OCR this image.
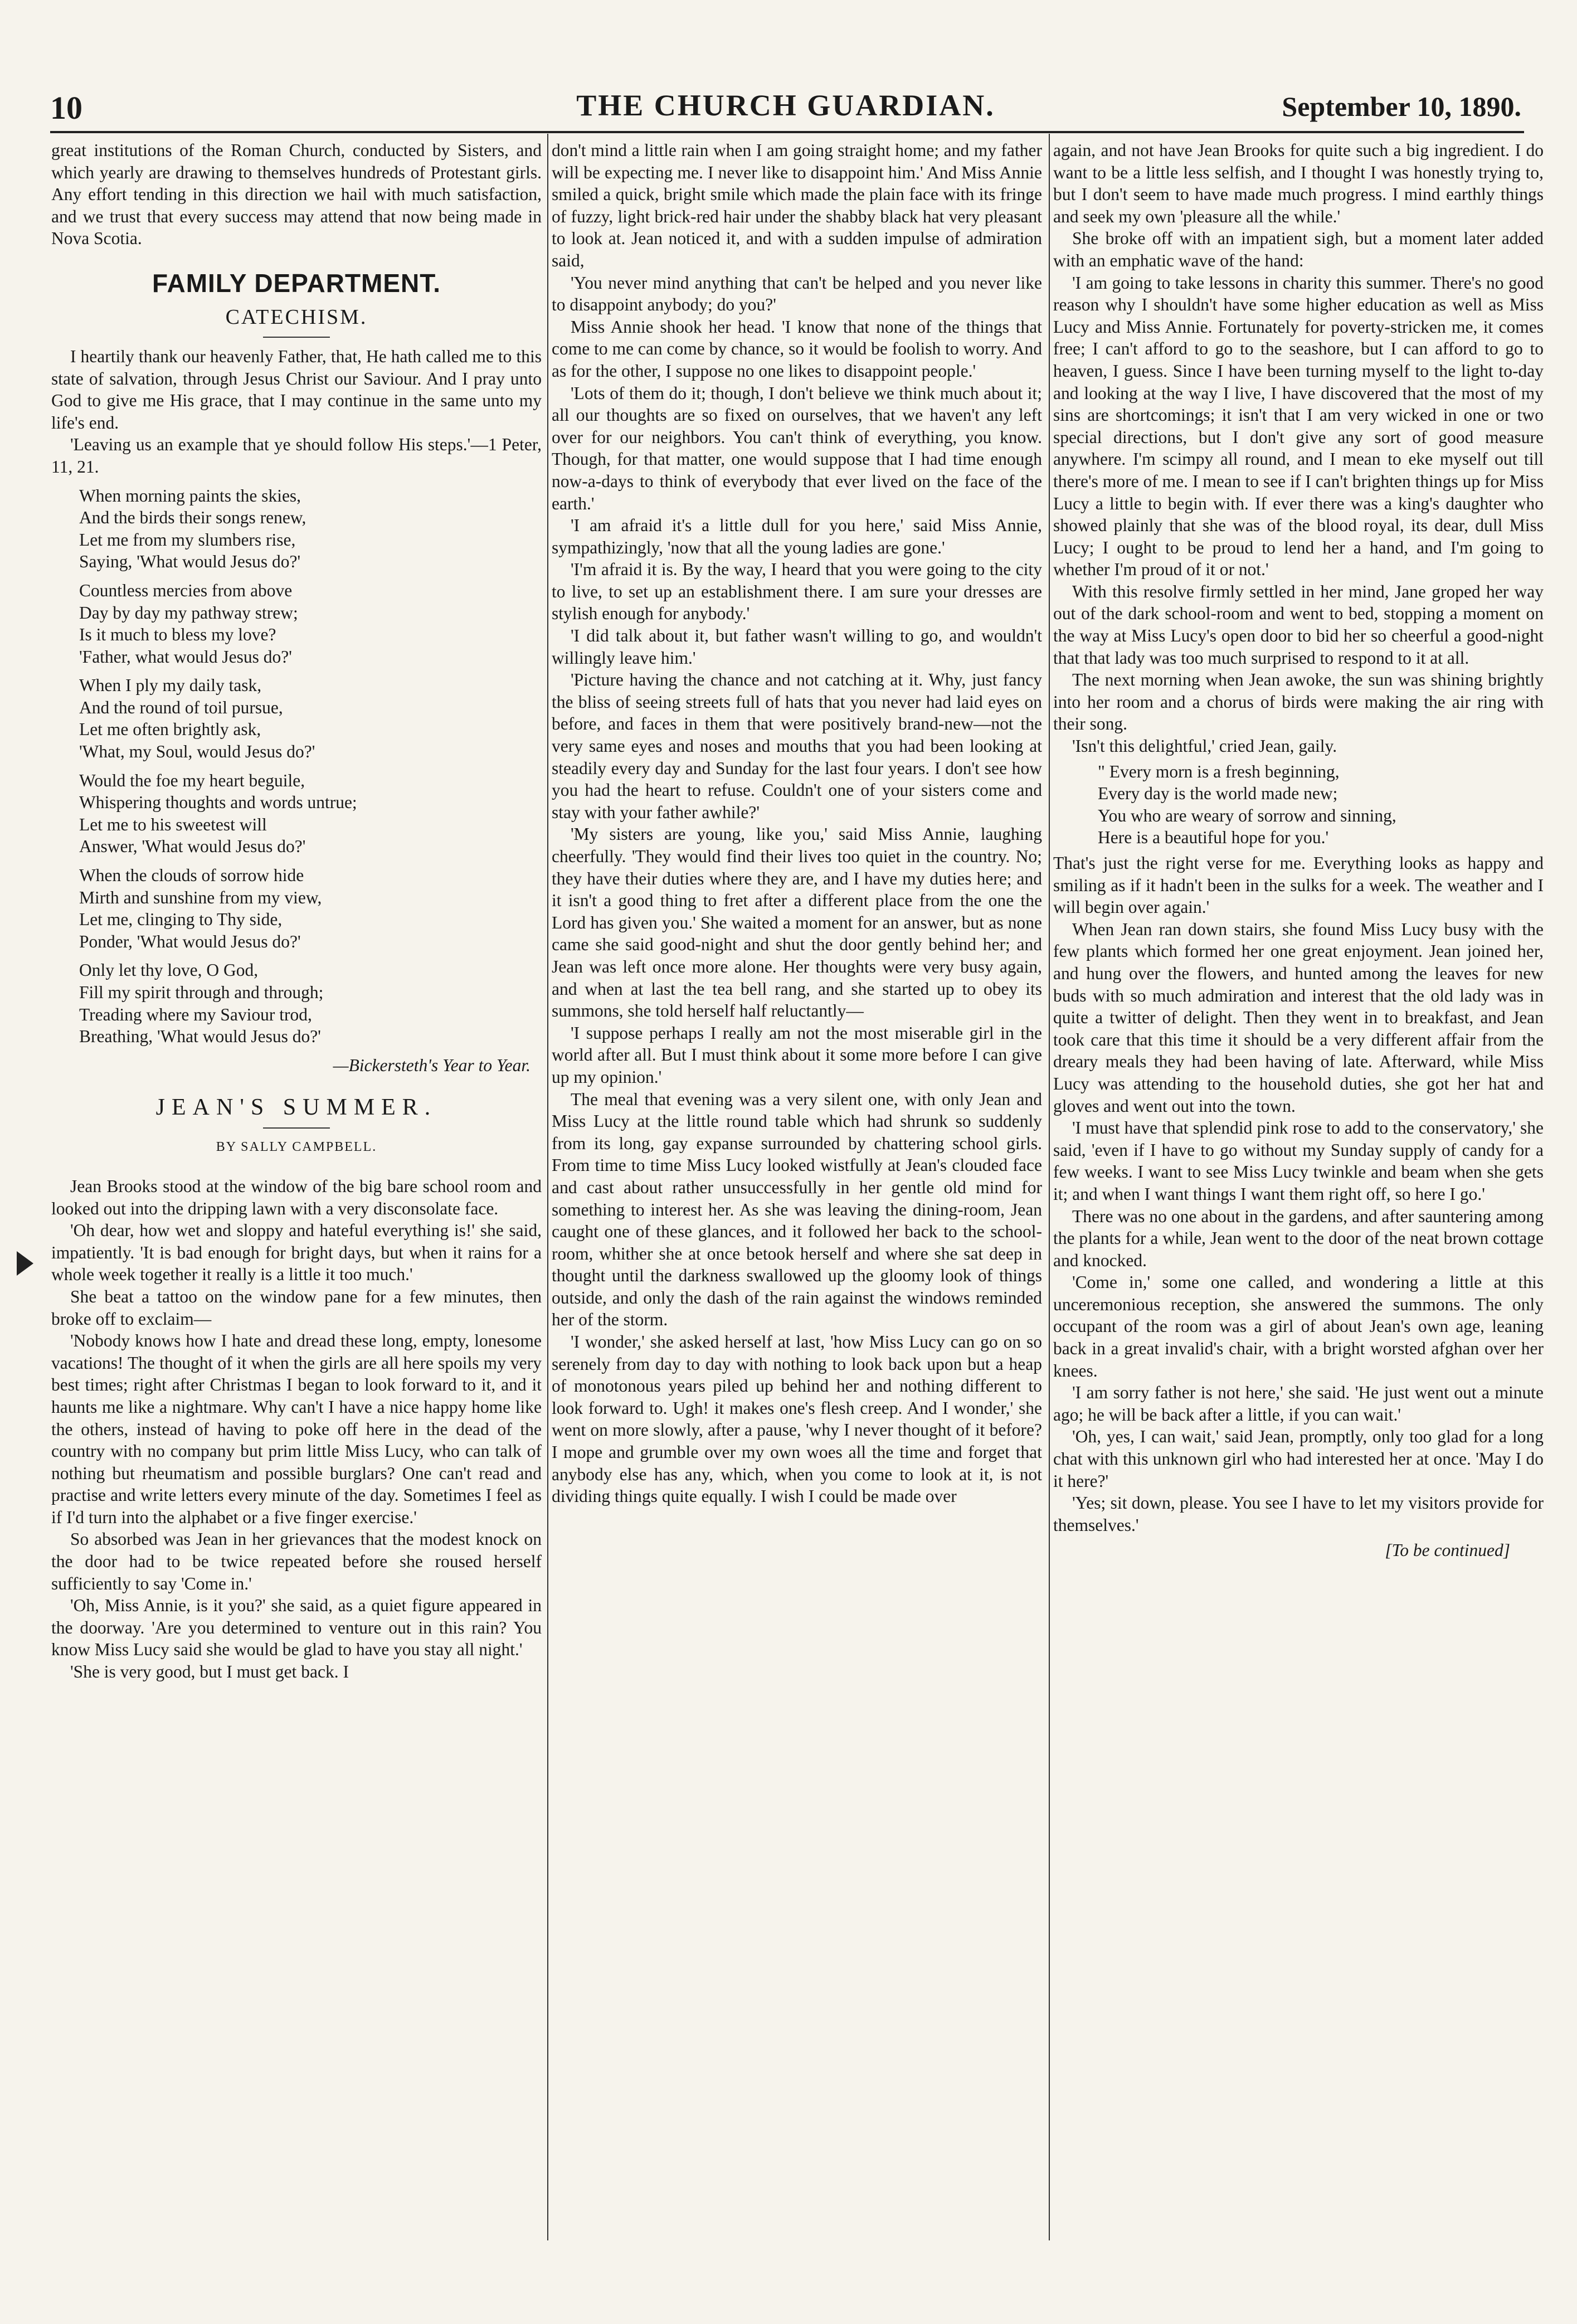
10	THE CHURCH GUARDIAN.	September 10, 1890.

great institutions of the Roman Church, conducted by Sisters, and which yearly are drawing to themselves hundreds of Protestant girls. Any effort tending in this direction we hail with much satisfaction, and we trust that every success may attend that now being made in Nova Scotia.

FAMILY DEPARTMENT.
CATECHISM.

I heartily thank our heavenly Father, that, He hath called me to this state of salvation, through Jesus Christ our Saviour. And I pray unto God to give me His grace, that I may continue in the same unto my life's end.

'Leaving us an example that ye should follow His steps.'—1 Peter, 11, 21.

When morning paints the skies,
And the birds their songs renew,
Let me from my slumbers rise,
Saying, 'What would Jesus do?'
Countless mercies from above
Day by day my pathway strew;
Is it much to bless my love?
'Father, what would Jesus do?'
When I ply my daily task,
And the round of toil pursue,
Let me often brightly ask,
'What, my Soul, would Jesus do?'
Would the foe my heart beguile,
Whispering thoughts and words untrue;
Let me to his sweetest will
Answer, 'What would Jesus do?'
When the clouds of sorrow hide
Mirth and sunshine from my view,
Let me, clinging to Thy side,
Ponder, 'What would Jesus do?'
Only let thy love, O God,
Fill my spirit through and through;
Treading where my Saviour trod,
Breathing, 'What would Jesus do?'
—Bickersteth's Year to Year.
JEAN'S SUMMER.
BY SALLY CAMPBELL.

Jean Brooks stood at the window of the big bare school room and looked out into the dripping lawn with a very disconsolate face.

'Oh dear, how wet and sloppy and hateful everything is!' she said, impatiently. 'It is bad enough for bright days, but when it rains for a whole week together it really is a little it too much.'

She beat a tattoo on the window pane for a few minutes, then broke off to exclaim—

'Nobody knows how I hate and dread these long, empty, lonesome vacations! The thought of it when the girls are all here spoils my very best times; right after Christmas I began to look forward to it, and it haunts me like a nightmare. Why can't I have a nice happy home like the others, instead of having to poke off here in the dead of the country with no company but prim little Miss Lucy, who can talk of nothing but rheumatism and possible burglars? One can't read and practise and write letters every minute of the day. Sometimes I feel as if I'd turn into the alphabet or a five finger exercise.'

So absorbed was Jean in her grievances that the modest knock on the door had to be twice repeated before she roused herself sufficiently to say 'Come in.'

'Oh, Miss Annie, is it you?' she said, as a quiet figure appeared in the doorway. 'Are you determined to venture out in this rain? You know Miss Lucy said she would be glad to have you stay all night.'

'She is very good, but I must get back. I

don't mind a little rain when I am going straight home; and my father will be expecting me. I never like to disappoint him.' And Miss Annie smiled a quick, bright smile which made the plain face with its fringe of fuzzy, light brick-red hair under the shabby black hat very pleasant to look at. Jean noticed it, and with a sudden impulse of admiration said,

'You never mind anything that can't be helped and you never like to disappoint anybody; do you?'

Miss Annie shook her head. 'I know that none of the things that come to me can come by chance, so it would be foolish to worry. And as for the other, I suppose no one likes to disappoint people.'

'Lots of them do it; though, I don't believe we think much about it; all our thoughts are so fixed on ourselves, that we haven't any left over for our neighbors. You can't think of everything, you know. Though, for that matter, one would suppose that I had time enough now-a-days to think of everybody that ever lived on the face of the earth.'

'I am afraid it's a little dull for you here,' said Miss Annie, sympathizingly, 'now that all the young ladies are gone.'

'I'm afraid it is. By the way, I heard that you were going to the city to live, to set up an establishment there. I am sure your dresses are stylish enough for anybody.'

'I did talk about it, but father wasn't willing to go, and wouldn't willingly leave him.'

'Picture having the chance and not catching at it. Why, just fancy the bliss of seeing streets full of hats that you never had laid eyes on before, and faces in them that were positively brand-new—not the very same eyes and noses and mouths that you had been looking at steadily every day and Sunday for the last four years. I don't see how you had the heart to refuse. Couldn't one of your sisters come and stay with your father awhile?'

'My sisters are young, like you,' said Miss Annie, laughing cheerfully. 'They would find their lives too quiet in the country. No; they have their duties where they are, and I have my duties here; and it isn't a good thing to fret after a different place from the one the Lord has given you.' She waited a moment for an answer, but as none came she said good-night and shut the door gently behind her; and Jean was left once more alone. Her thoughts were very busy again, and when at last the tea bell rang, and she started up to obey its summons, she told herself half reluctantly—

'I suppose perhaps I really am not the most miserable girl in the world after all. But I must think about it some more before I can give up my opinion.'

The meal that evening was a very silent one, with only Jean and Miss Lucy at the little round table which had shrunk so suddenly from its long, gay expanse surrounded by chattering school girls. From time to time Miss Lucy looked wistfully at Jean's clouded face and cast about rather unsuccessfully in her gentle old mind for something to interest her. As she was leaving the dining-room, Jean caught one of these glances, and it followed her back to the school-room, whither she at once betook herself and where she sat deep in thought until the darkness swallowed up the gloomy look of things outside, and only the dash of the rain against the windows reminded her of the storm.

'I wonder,' she asked herself at last, 'how Miss Lucy can go on so serenely from day to day with nothing to look back upon but a heap of monotonous years piled up behind her and nothing different to look forward to. Ugh! it makes one's flesh creep. And I wonder,' she went on more slowly, after a pause, 'why I never thought of it before? I mope and grumble over my own woes all the time and forget that anybody else has any, which, when you come to look at it, is not dividing things quite equally. I wish I could be made over

again, and not have Jean Brooks for quite such a big ingredient. I do want to be a little less selfish, and I thought I was honestly trying to, but I don't seem to have made much progress. I mind earthly things and seek my own 'pleasure all the while.'

She broke off with an impatient sigh, but a moment later added with an emphatic wave of the hand:

'I am going to take lessons in charity this summer. There's no good reason why I shouldn't have some higher education as well as Miss Lucy and Miss Annie. Fortunately for poverty-stricken me, it comes free; I can't afford to go to the seashore, but I can afford to go to heaven, I guess. Since I have been turning myself to the light to-day and looking at the way I live, I have discovered that the most of my sins are shortcomings; it isn't that I am very wicked in one or two special directions, but I don't give any sort of good measure anywhere. I'm scimpy all round, and I mean to eke myself out till there's more of me. I mean to see if I can't brighten things up for Miss Lucy a little to begin with. If ever there was a king's daughter who showed plainly that she was of the blood royal, its dear, dull Miss Lucy; I ought to be proud to lend her a hand, and I'm going to whether I'm proud of it or not.'

With this resolve firmly settled in her mind, Jane groped her way out of the dark school-room and went to bed, stopping a moment on the way at Miss Lucy's open door to bid her so cheerful a good-night that that lady was too much surprised to respond to it at all.

The next morning when Jean awoke, the sun was shining brightly into her room and a chorus of birds were making the air ring with their song.

'Isn't this delightful,' cried Jean, gaily.

" Every morn is a fresh beginning,
Every day is the world made new;
You who are weary of sorrow and sinning,
Here is a beautiful hope for you.'

That's just the right verse for me. Everything looks as happy and smiling as if it hadn't been in the sulks for a week. The weather and I will begin over again.'

When Jean ran down stairs, she found Miss Lucy busy with the few plants which formed her one great enjoyment. Jean joined her, and hung over the flowers, and hunted among the leaves for new buds with so much admiration and interest that the old lady was in quite a twitter of delight. Then they went in to breakfast, and Jean took care that this time it should be a very different affair from the dreary meals they had been having of late. Afterward, while Miss Lucy was attending to the household duties, she got her hat and gloves and went out into the town.

'I must have that splendid pink rose to add to the conservatory,' she said, 'even if I have to go without my Sunday supply of candy for a few weeks. I want to see Miss Lucy twinkle and beam when she gets it; and when I want things I want them right off, so here I go.'

There was no one about in the gardens, and after sauntering among the plants for a while, Jean went to the door of the neat brown cottage and knocked.

'Come in,' some one called, and wondering a little at this unceremonious reception, she answered the summons. The only occupant of the room was a girl of about Jean's own age, leaning back in a great invalid's chair, with a bright worsted afghan over her knees.

'I am sorry father is not here,' she said. 'He just went out a minute ago; he will be back after a little, if you can wait.'

'Oh, yes, I can wait,' said Jean, promptly, only too glad for a long chat with this unknown girl who had interested her at once. 'May I do it here?'

'Yes; sit down, please. You see I have to let my visitors provide for themselves.'

[To be continued]
